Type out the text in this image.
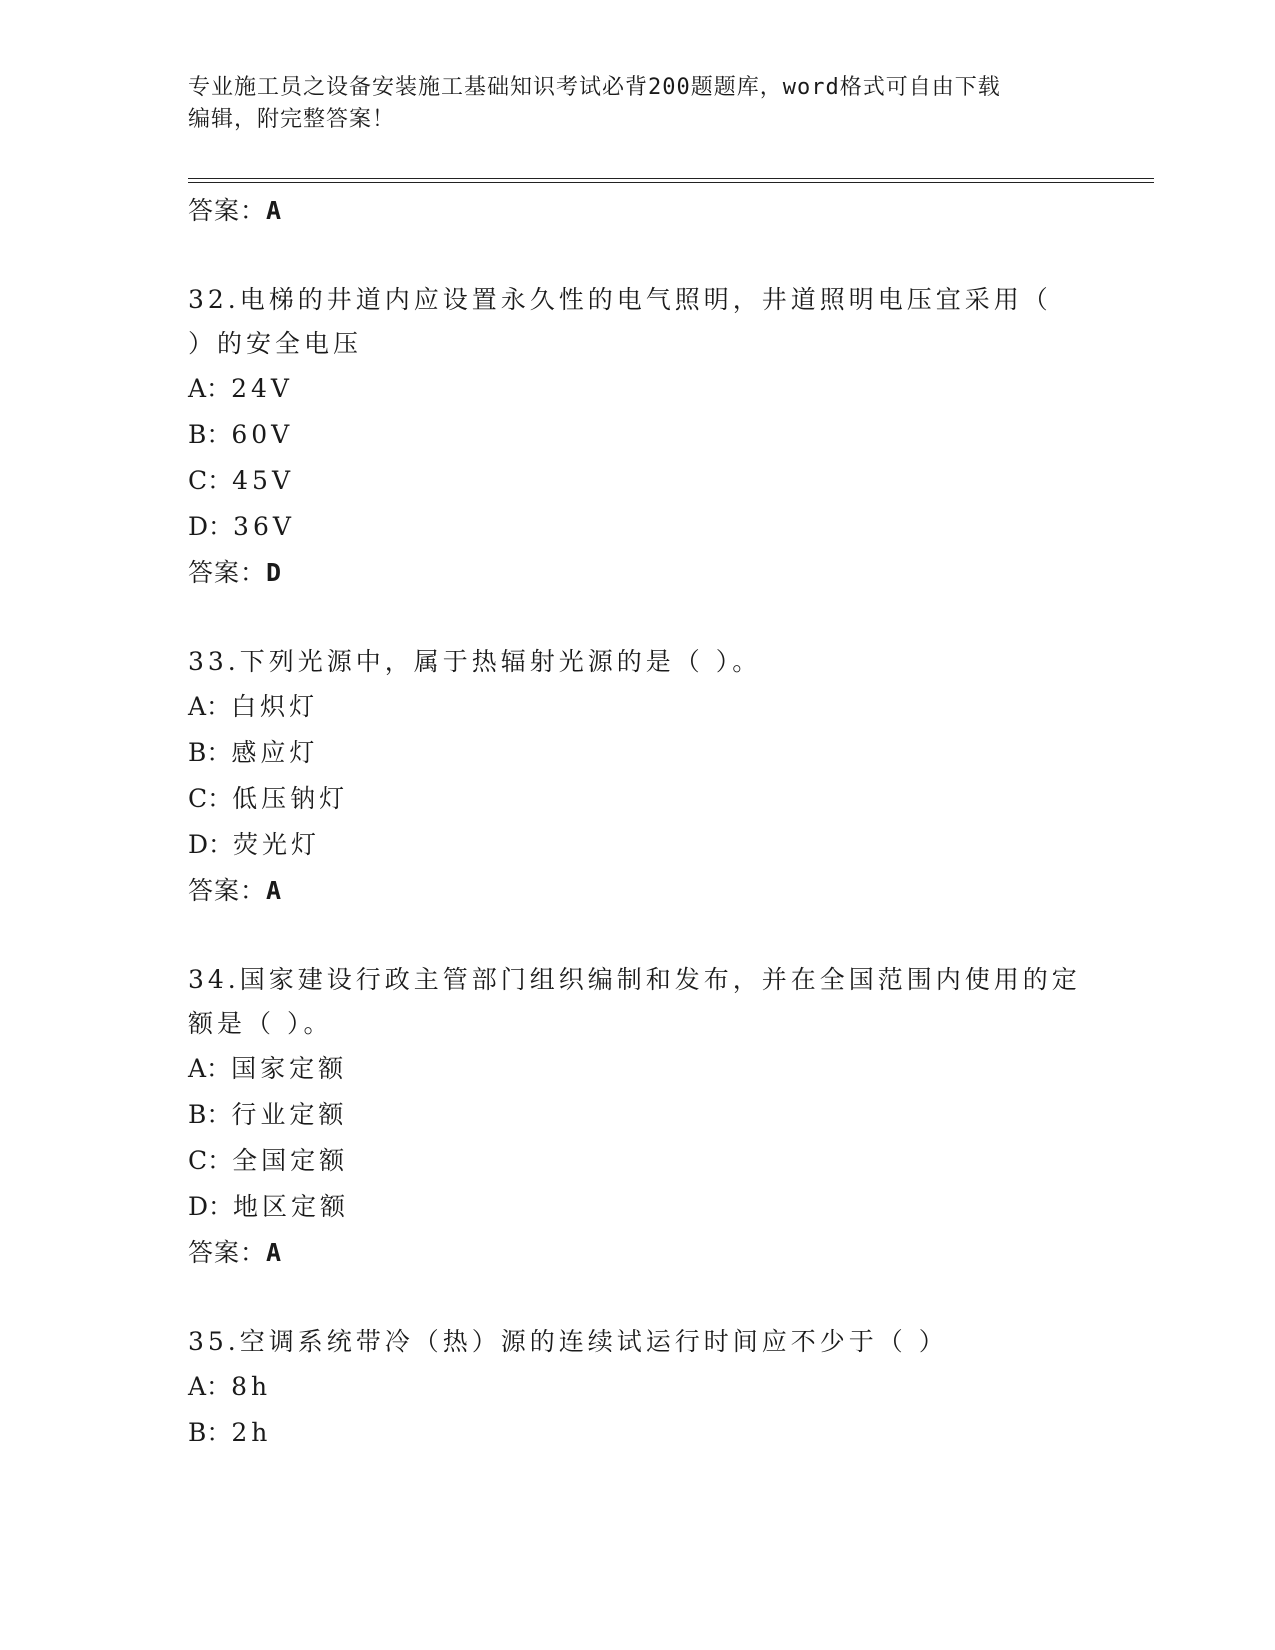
专业施工员之设备安装施工基础知识考试必背200题题库，word格式可自由下载
编辑，附完整答案！
答案：A
32.电梯的井道内应设置永久性的电气照明，井道照明电压宜采用（
）的安全电压
A：24V
B：60V
C：45V
D：36V
答案：D
33.下列光源中，属于热辐射光源的是（ ）。
A：白炽灯
B：感应灯
C：低压钠灯
D：荧光灯
答案：A
34.国家建设行政主管部门组织编制和发布，并在全国范围内使用的定
额是（ ）。
A：国家定额
B：行业定额
C：全国定额
D：地区定额
答案：A
35.空调系统带冷（热）源的连续试运行时间应不少于（ ）
A：8h
B：2h
